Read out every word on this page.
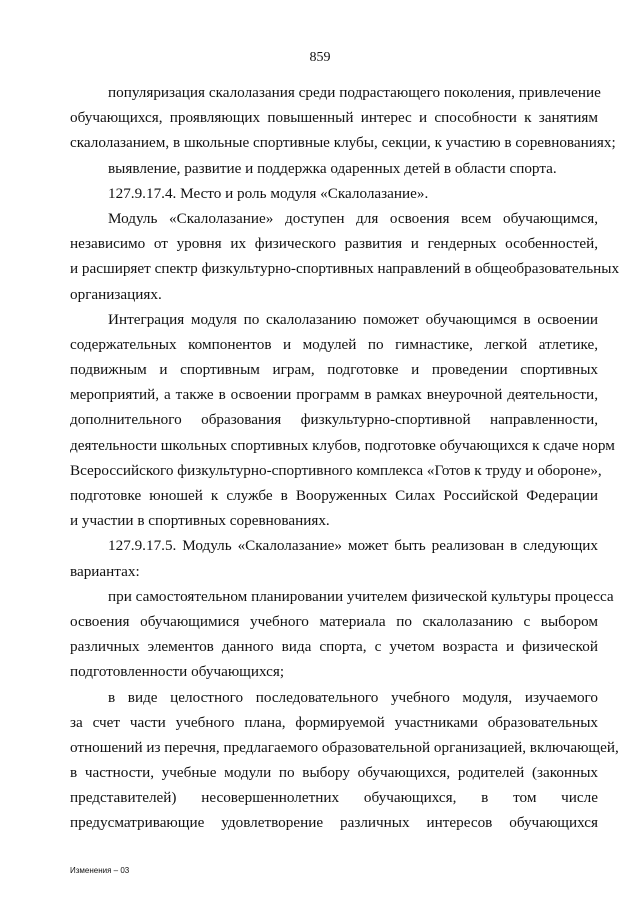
859
популяризация скалолазания среди подрастающего поколения, привлечение
обучающихся, проявляющих повышенный интерес и способности к занятиям
скалолазанием, в школьные спортивные клубы, секции, к участию в соревнованиях;
выявление, развитие и поддержка одаренных детей в области спорта.
127.9.17.4. Место и роль модуля «Скалолазание».
Модуль «Скалолазание» доступен для освоения всем обучающимся,
независимо от уровня их физического развития и гендерных особенностей,
и расширяет спектр физкультурно-спортивных направлений в общеобразовательных
организациях.
Интеграция модуля по скалолазанию поможет обучающимся в освоении
содержательных компонентов и модулей по гимнастике, легкой атлетике,
подвижным и спортивным играм, подготовке и проведении спортивных
мероприятий, а также в освоении программ в рамках внеурочной деятельности,
дополнительного образования физкультурно-спортивной направленности,
деятельности школьных спортивных клубов, подготовке обучающихся к сдаче норм
Всероссийского физкультурно-спортивного комплекса «Готов к труду и обороне»,
подготовке юношей к службе в Вооруженных Силах Российской Федерации
и участии в спортивных соревнованиях.
127.9.17.5. Модуль «Скалолазание» может быть реализован в следующих
вариантах:
при самостоятельном планировании учителем физической культуры процесса
освоения обучающимися учебного материала по скалолазанию с выбором
различных элементов данного вида спорта, с учетом возраста и физической
подготовленности обучающихся;
в виде целостного последовательного учебного модуля, изучаемого
за счет части учебного плана, формируемой участниками образовательных
отношений из перечня, предлагаемого образовательной организацией, включающей,
в частности, учебные модули по выбору обучающихся, родителей (законных
представителей) несовершеннолетних обучающихся, в том числе
предусматривающие удовлетворение различных интересов обучающихся
Изменения – 03
